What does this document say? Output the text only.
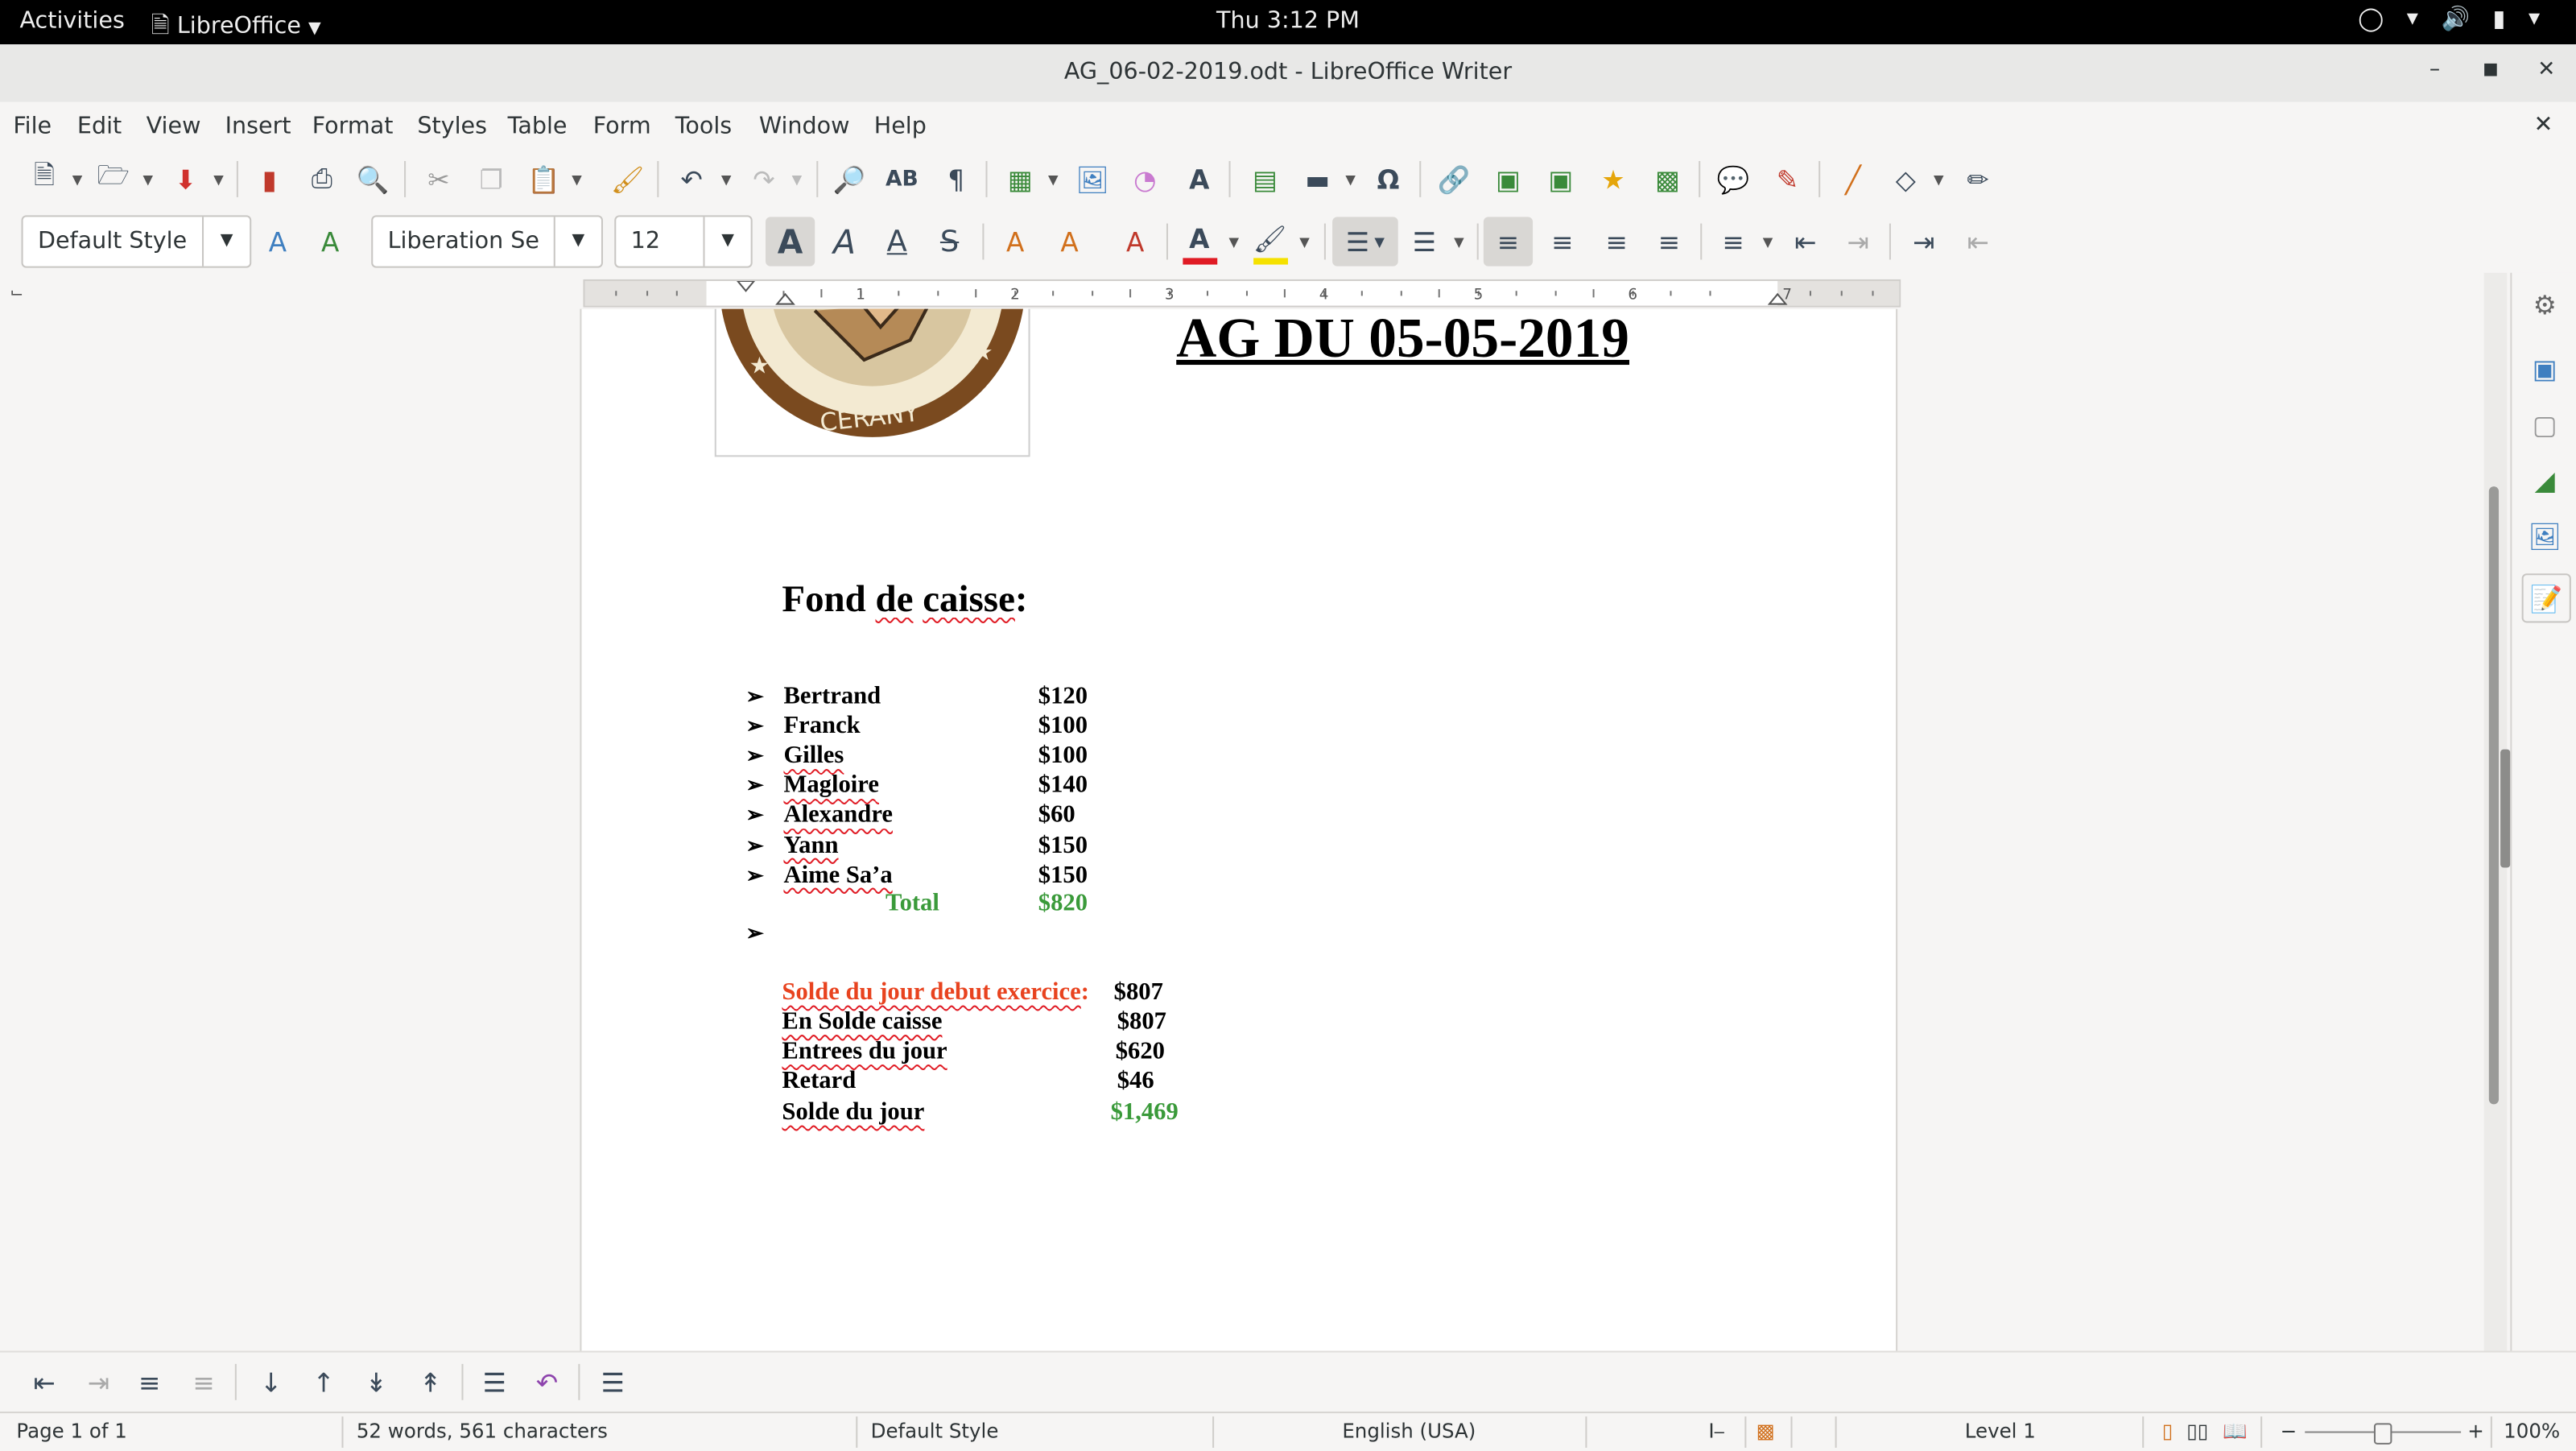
Activities 🗎 LibreOffice ▼	Thu 3:12 PM	◯	▼ 🔊 ▮	▼
AG_06-02-2019.odt - LibreOffice Writer	–	■	✕
File Edit View Insert Format Styles Table Form Tools Window Help	✕
🗎	▼ 🗁 ▼	⬇	▼	▮	⎙	🔍	✂	❐	📋 ▼ 🖌	↶	▼	↷	▼ 🔎 AB	¶	▦	▼ 🖼	◔	A	▤	▬	▼	Ω	🔗	▣	▣	★	▩	💬	✎	╱	◇	▼	✏
Default Style	▼	A	A	Liberation Se	▼	12	▼	A	A	A	S	A	A	A	A	▼ 🖌 ▼	☰ ▼	☰	▼	≡	≡	≡	≡	≡	▼	⇤	⇥	⇥	⇤
⌙	1	2	3	4	5	6	7
★
★
CERANY
AG DU 05-05-2019
Fond de caisse:
➢ Bertrand	$120
➢ Franck	$100
➢ Gilles	$100
➢ Magloire	$140
➢ Alexandre	$60
➢ Yann	$150
➢ Aime Sa’a	$150
Total	$820
➢
Solde du jour debut exercice: $807
En Solde caisse	$807
Entrees du jour	$620
Retard	$46
Solde du jour	$1,469
⚙
▣
▢
◢
🖼
📝
⇤	⇥	≡	≡	↓	↑	↡	↟	☰	↶	☰
Page 1 of 1	52 words, 561 characters	Default Style	English (USA)	I⎯	▩	Level 1	▯ ▯▯ 📖	−	+ 100%
